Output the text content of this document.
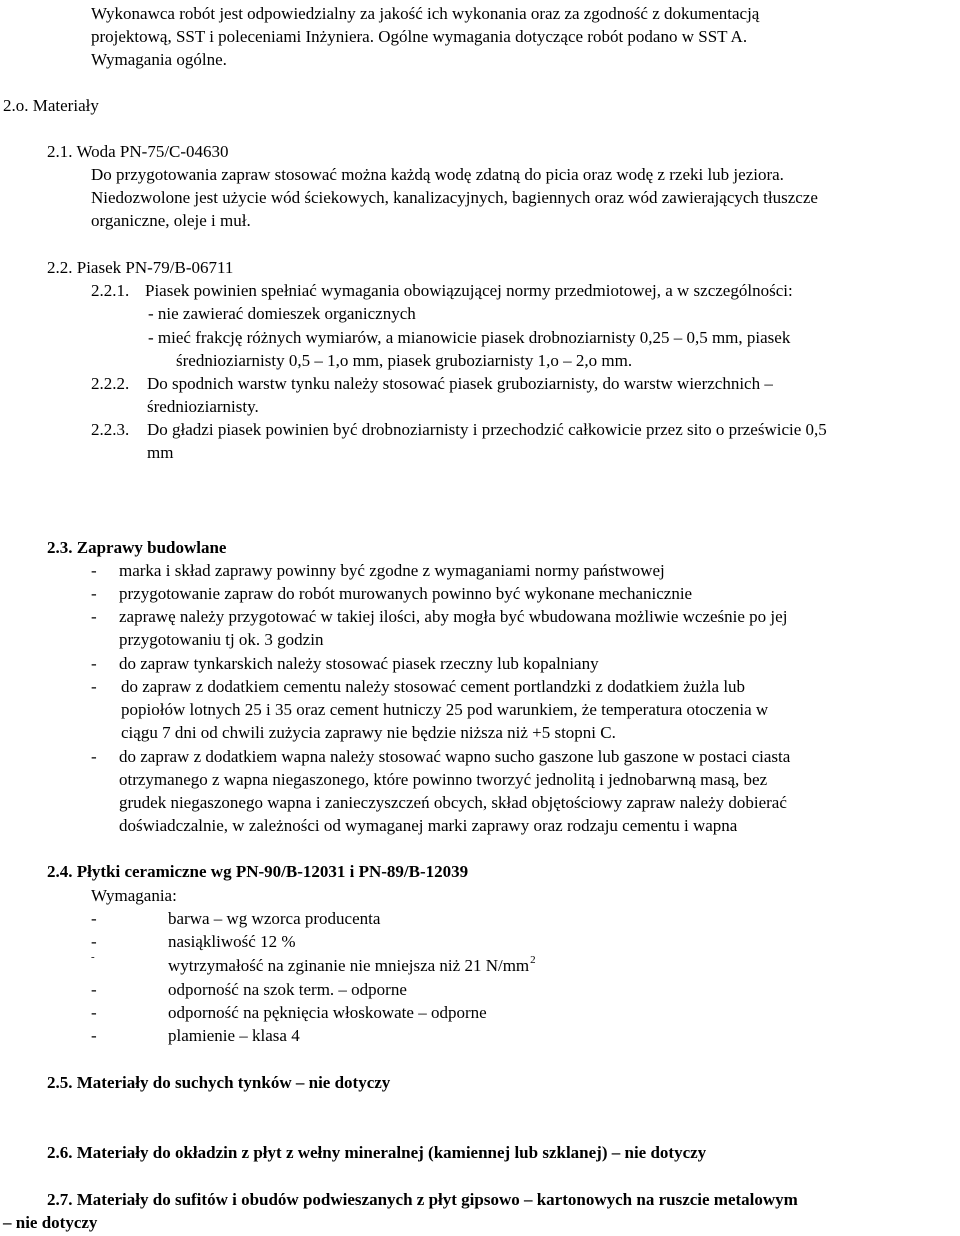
Wykonawca robót jest odpowiedzialny za jakość ich wykonania oraz za zgodność z dokumentacją
projektową, SST i poleceniami Inżyniera. Ogólne wymagania dotyczące robót podano w SST A.
Wymagania ogólne.
2.o. Materiały
2.1. Woda PN-75/C-04630
Do przygotowania zapraw stosować można każdą wodę zdatną do picia oraz wodę z rzeki lub jeziora.
Niedozwolone jest użycie wód ściekowych, kanalizacyjnych, bagiennych oraz wód zawierających tłuszcze
organiczne, oleje i muł.
2.2. Piasek PN-79/B-06711
2.2.1. Piasek powinien spełniać wymagania obowiązującej normy przedmiotowej, a w szczególności:
- nie zawierać domieszek organicznych
- mieć frakcję różnych wymiarów, a mianowicie piasek drobnoziarnisty 0,25 – 0,5 mm, piasek
średnioziarnisty 0,5 – 1,o mm, piasek gruboziarnisty 1,o – 2,o mm.
2.2.2. Do spodnich warstw tynku należy stosować piasek gruboziarnisty, do warstw wierzchnich –
średnioziarnisty.
2.2.3. Do gładzi piasek powinien być drobnoziarnisty i przechodzić całkowicie przez sito o prześwicie 0,5
mm
2.3. Zaprawy budowlane
- marka i skład zaprawy powinny być zgodne z wymaganiami normy państwowej
- przygotowanie zapraw do robót murowanych powinno być wykonane mechanicznie
- zaprawę należy przygotować w takiej ilości, aby mogła być wbudowana możliwie wcześnie po jej
przygotowaniu tj ok. 3 godzin
- do zapraw tynkarskich należy stosować piasek rzeczny lub kopalniany
- do zapraw z dodatkiem cementu należy stosować cement portlandzki z dodatkiem żużla lub
popiołów lotnych 25 i 35 oraz cement hutniczy 25 pod warunkiem, że temperatura otoczenia w
ciągu 7 dni od chwili zużycia zaprawy nie będzie niższa niż +5 stopni C.
- do zapraw z dodatkiem wapna należy stosować wapno sucho gaszone lub gaszone w postaci ciasta
otrzymanego z wapna niegaszonego, które powinno tworzyć jednolitą i jednobarwną masą, bez
grudek niegaszonego wapna i zanieczyszczeń obcych, skład objętościowy zapraw należy dobierać
doświadczalnie, w zależności od wymaganej marki zaprawy oraz rodzaju cementu i wapna
2.4. Płytki ceramiczne wg PN-90/B-12031 i PN-89/B-12039
Wymagania:
-	barwa – wg wzorca producenta
-	nasiąkliwość 12 %
-	wytrzymałość na zginanie nie mniejsza niż 21 $N/mm^2$
-	odporność na szok term. – odporne
-	odporność na pęknięcia włoskowate – odporne
-	plamienie – klasa 4
2.5. Materiały do suchych tynków – nie dotyczy
2.6. Materiały do okładzin z płyt z wełny mineralnej (kamiennej lub szklanej) – nie dotyczy
2.7. Materiały do sufitów i obudów podwieszanych z płyt gipsowo – kartonowych na ruszcie metalowym
– nie dotyczy
